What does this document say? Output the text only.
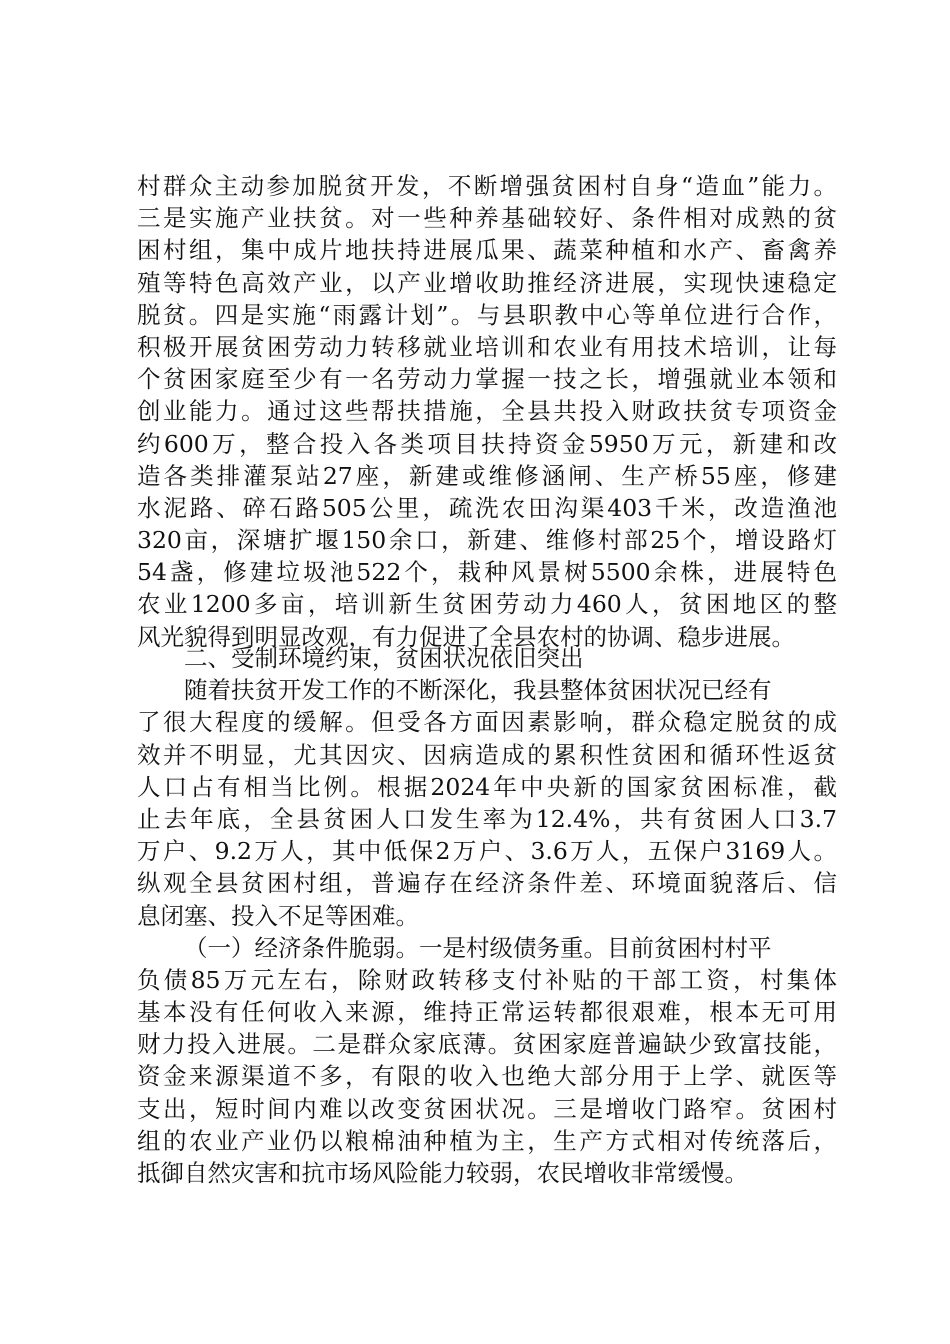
村群众主动参加脱贫开发，不断增强贫困村自身“造血”能力。
三是实施产业扶贫。对一些种养基础较好、条件相对成熟的贫
困村组，集中成片地扶持进展瓜果、蔬菜种植和水产、畜禽养
殖等特色高效产业，以产业增收助推经济进展，实现快速稳定
脱贫。四是实施“雨露计划”。与县职教中心等单位进行合作，
积极开展贫困劳动力转移就业培训和农业有用技术培训，让每
个贫困家庭至少有一名劳动力掌握一技之长，增强就业本领和
创业能力。通过这些帮扶措施，全县共投入财政扶贫专项资金
约600万，整合投入各类项目扶持资金5950万元，新建和改
造各类排灌泵站27座，新建或维修涵闸、生产桥55座，修建
水泥路、碎石路505公里，疏洗农田沟渠403千米，改造渔池
320亩，深塘扩堰150余口，新建、维修村部25个，增设路灯
54盏，修建垃圾池522个，栽种风景树5500余株，进展特色
农业1200多亩，培训新生贫困劳动力460人，贫困地区的整
风光貌得到明显改观，有力促进了全县农村的协调、稳步进展。
二、受制环境约束，贫困状况依旧突出
随着扶贫开发工作的不断深化，我县整体贫困状况已经有
了很大程度的缓解。但受各方面因素影响，群众稳定脱贫的成
效并不明显，尤其因灾、因病造成的累积性贫困和循环性返贫
人口占有相当比例。根据2024年中央新的国家贫困标准，截
止去年底，全县贫困人口发生率为12.4%，共有贫困人口3.7
万户、9.2万人，其中低保2万户、3.6万人，五保户3169人。
纵观全县贫困村组，普遍存在经济条件差、环境面貌落后、信
息闭塞、投入不足等困难。
（一）经济条件脆弱。一是村级债务重。目前贫困村村平
负债85万元左右，除财政转移支付补贴的干部工资，村集体
基本没有任何收入来源，维持正常运转都很艰难，根本无可用
财力投入进展。二是群众家底薄。贫困家庭普遍缺少致富技能，
资金来源渠道不多，有限的收入也绝大部分用于上学、就医等
支出，短时间内难以改变贫困状况。三是增收门路窄。贫困村
组的农业产业仍以粮棉油种植为主，生产方式相对传统落后，
抵御自然灾害和抗市场风险能力较弱，农民增收非常缓慢。
